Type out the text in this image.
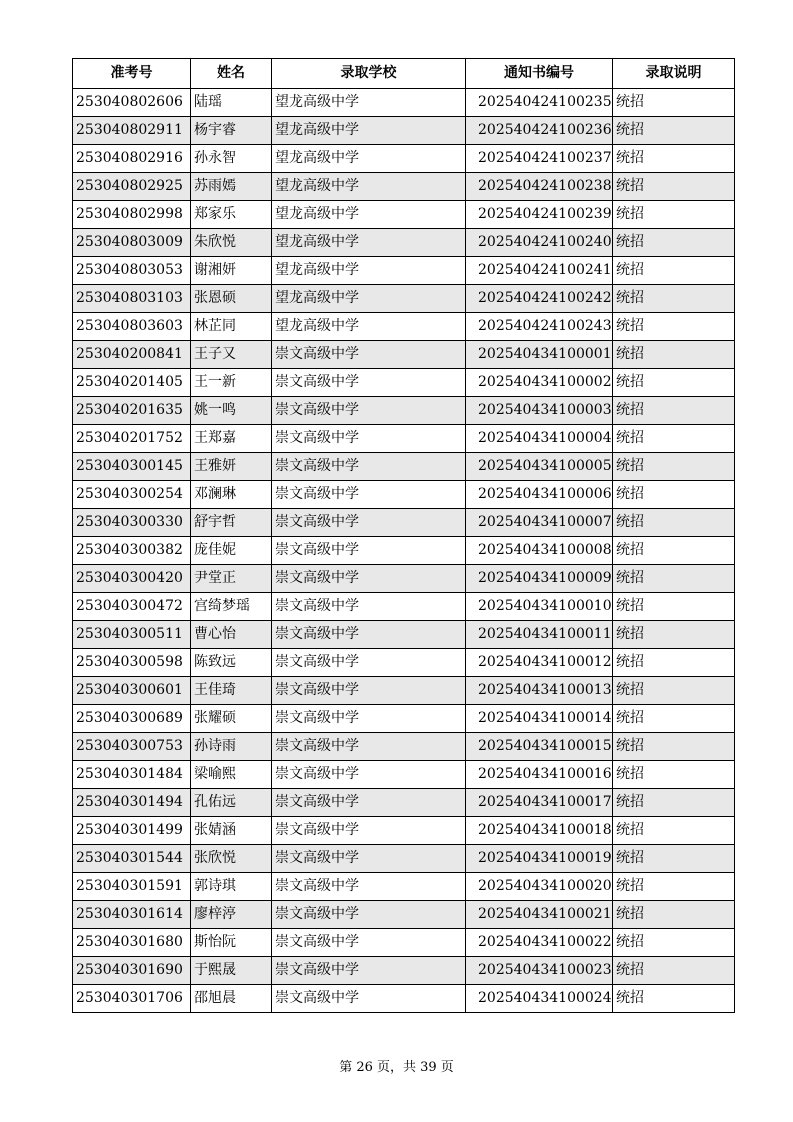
准考号	姓名	录取学校	通知书编号	录取说明
253040802606	陆瑶	望龙高级中学	202540424100235	统招
253040802911	杨宇睿	望龙高级中学	202540424100236	统招
253040802916	孙永智	望龙高级中学	202540424100237	统招
253040802925	苏雨嫣	望龙高级中学	202540424100238	统招
253040802998	郑家乐	望龙高级中学	202540424100239	统招
253040803009	朱欣悦	望龙高级中学	202540424100240	统招
253040803053	谢湘妍	望龙高级中学	202540424100241	统招
253040803103	张恩硕	望龙高级中学	202540424100242	统招
253040803603	林芷同	望龙高级中学	202540424100243	统招
253040200841	王子又	崇文高级中学	202540434100001	统招
253040201405	王一新	崇文高级中学	202540434100002	统招
253040201635	姚一鸣	崇文高级中学	202540434100003	统招
253040201752	王郑嘉	崇文高级中学	202540434100004	统招
253040300145	王雅妍	崇文高级中学	202540434100005	统招
253040300254	邓澜琳	崇文高级中学	202540434100006	统招
253040300330	舒宇哲	崇文高级中学	202540434100007	统招
253040300382	庞佳妮	崇文高级中学	202540434100008	统招
253040300420	尹堂正	崇文高级中学	202540434100009	统招
253040300472	宫绮梦瑶	崇文高级中学	202540434100010	统招
253040300511	曹心怡	崇文高级中学	202540434100011	统招
253040300598	陈致远	崇文高级中学	202540434100012	统招
253040300601	王佳琦	崇文高级中学	202540434100013	统招
253040300689	张耀硕	崇文高级中学	202540434100014	统招
253040300753	孙诗雨	崇文高级中学	202540434100015	统招
253040301484	梁喻熙	崇文高级中学	202540434100016	统招
253040301494	孔佑远	崇文高级中学	202540434100017	统招
253040301499	张婧涵	崇文高级中学	202540434100018	统招
253040301544	张欣悦	崇文高级中学	202540434100019	统招
253040301591	郭诗琪	崇文高级中学	202540434100020	统招
253040301614	廖梓渟	崇文高级中学	202540434100021	统招
253040301680	斯怡阮	崇文高级中学	202540434100022	统招
253040301690	于熙晟	崇文高级中学	202540434100023	统招
253040301706	邵旭晨	崇文高级中学	202540434100024	统招
第 26 页，共 39 页
